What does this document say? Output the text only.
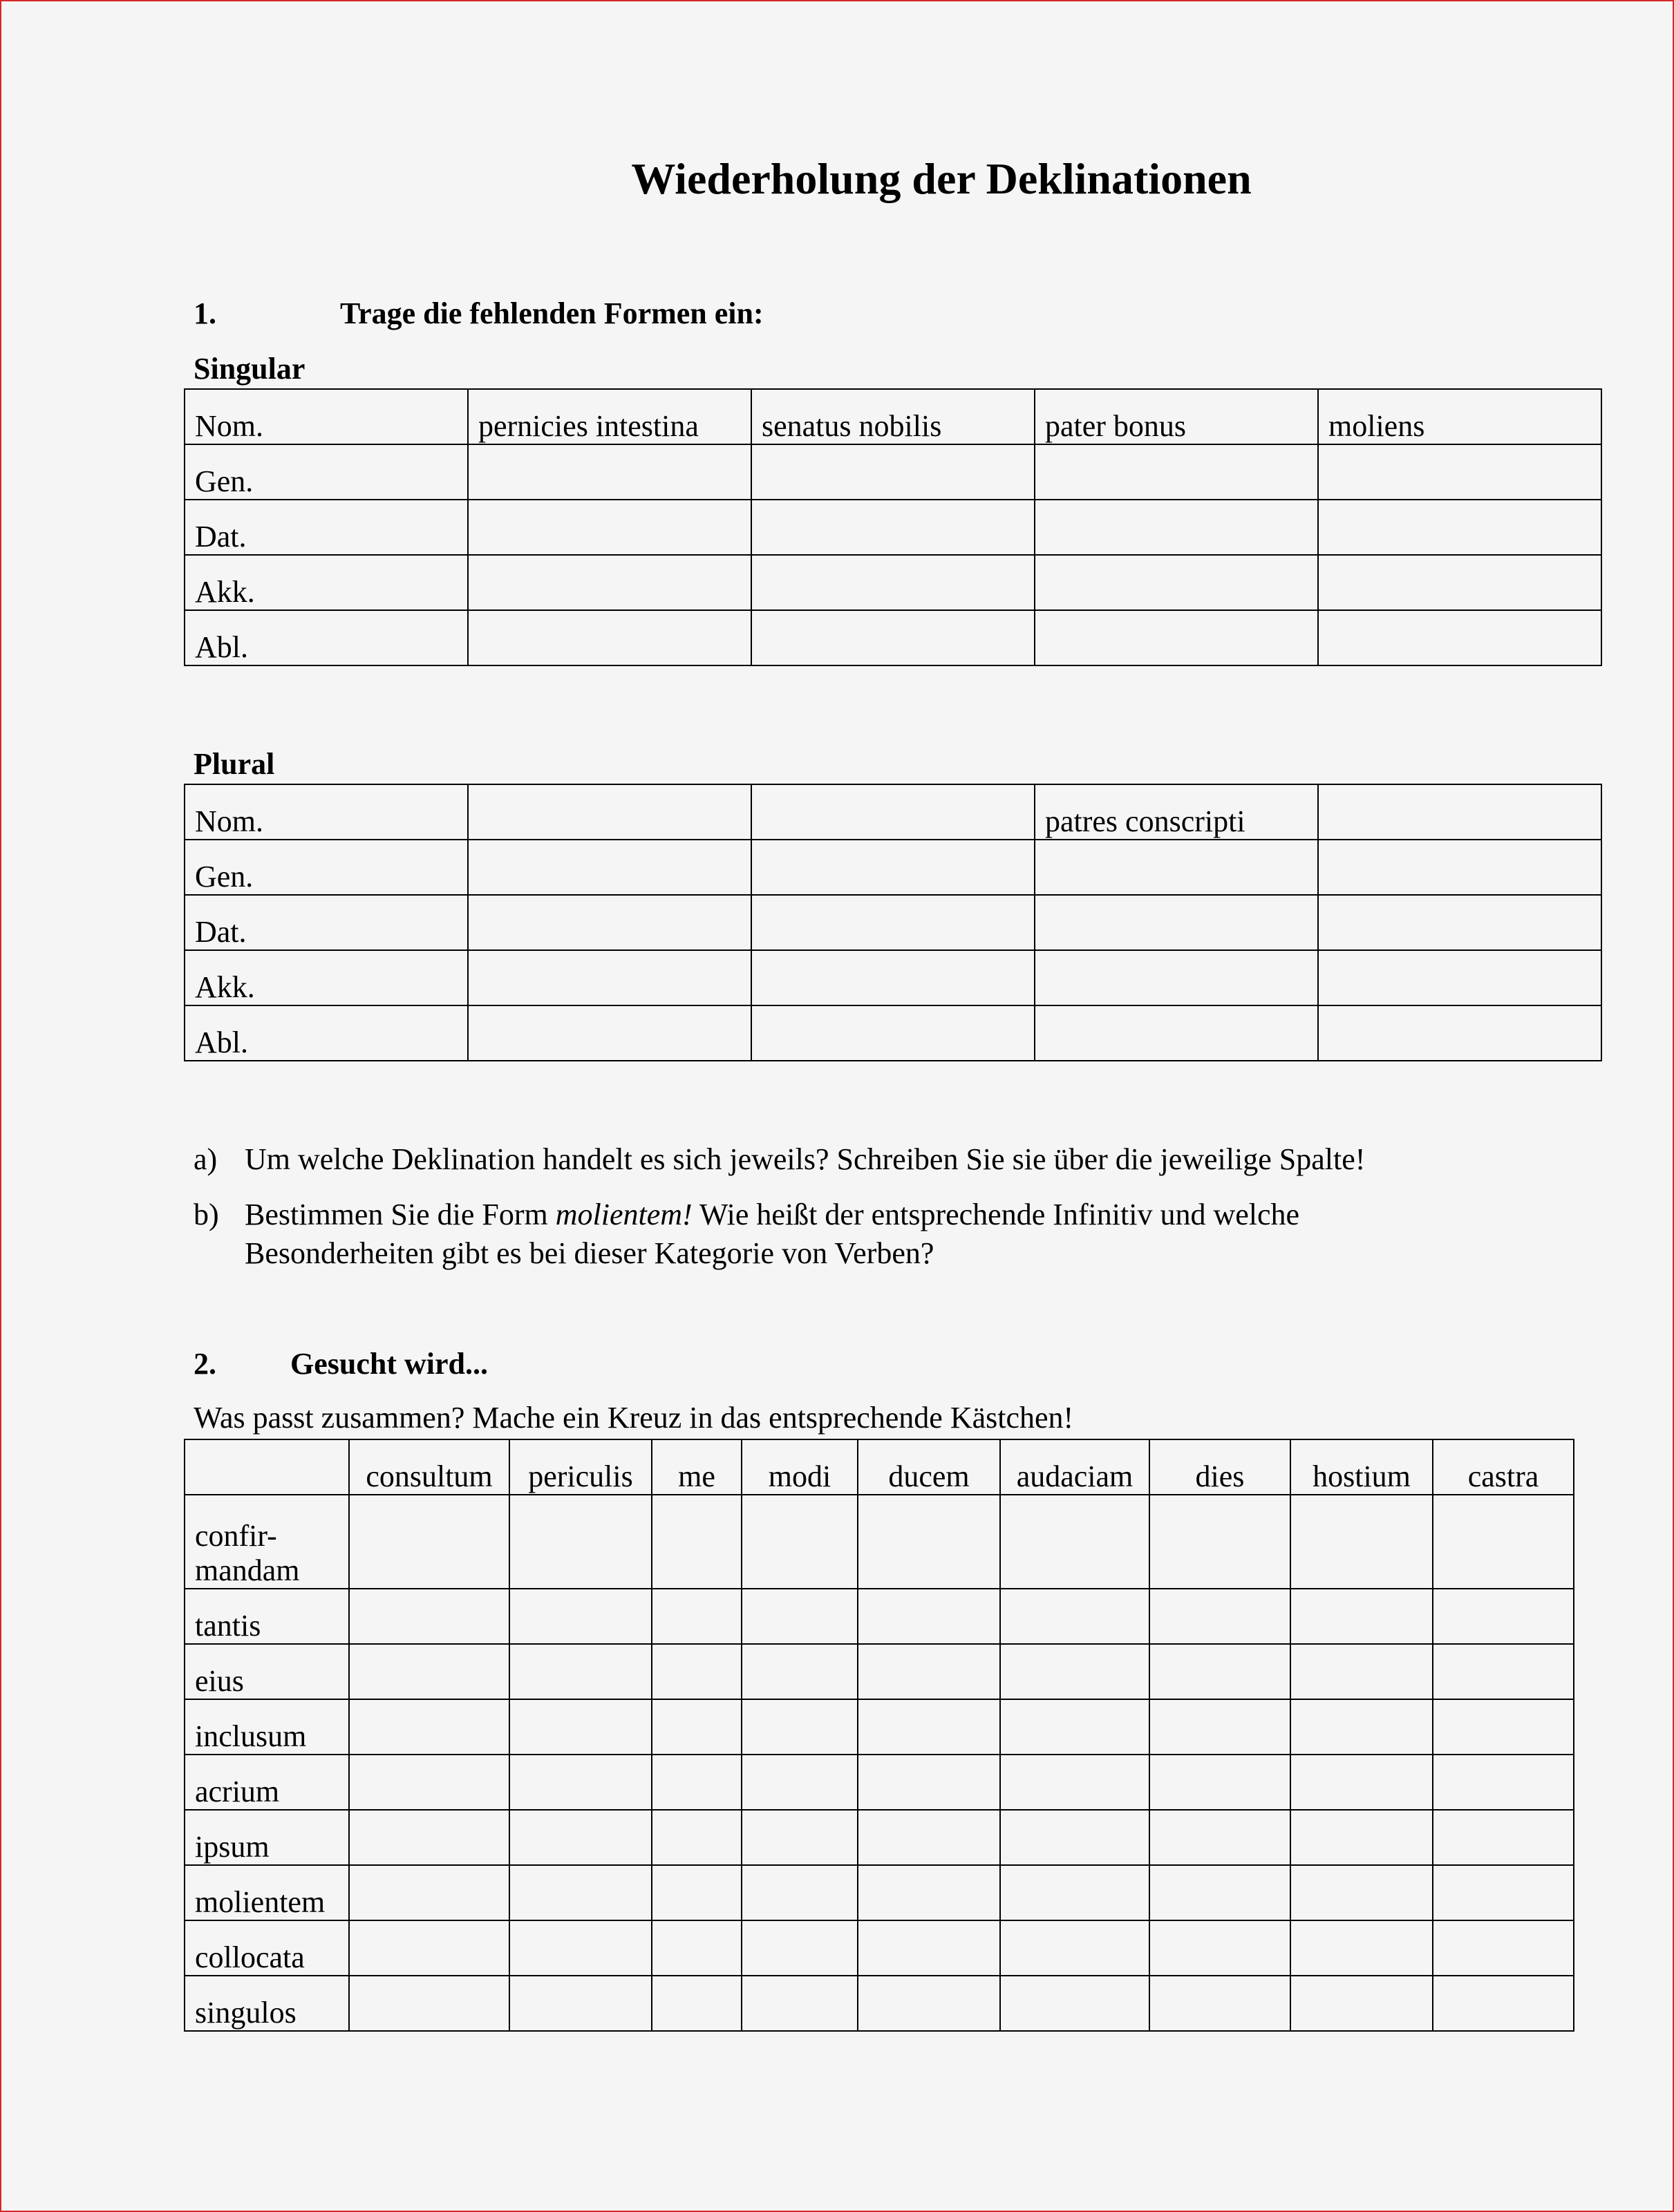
Wiederholung der Deklinationen
1.	Trage die fehlenden Formen ein:
Singular
Nom.	pernicies intestina	senatus nobilis	pater bonus	moliens
Gen.				
Dat.				
Akk.				
Abl.				
Plural
Nom.			patres conscripti	
Gen.				
Dat.				
Akk.				
Abl.				
a) Um welche Deklination handelt es sich jeweils? Schreiben Sie sie über die jeweilige Spalte!
b) Bestimmen Sie die Form molientem! Wie heißt der entsprechende Infinitiv und welche
Besonderheiten gibt es bei dieser Kategorie von Verben?
2. Gesucht wird...
Was passt zusammen? Mache ein Kreuz in das entsprechende Kästchen!
	consultum	periculis	me	modi	ducem	audaciam	dies	hostium	castra
confir-
mandam									
tantis									
eius									
inclusum									
acrium									
ipsum									
molientem									
collocata									
singulos									
